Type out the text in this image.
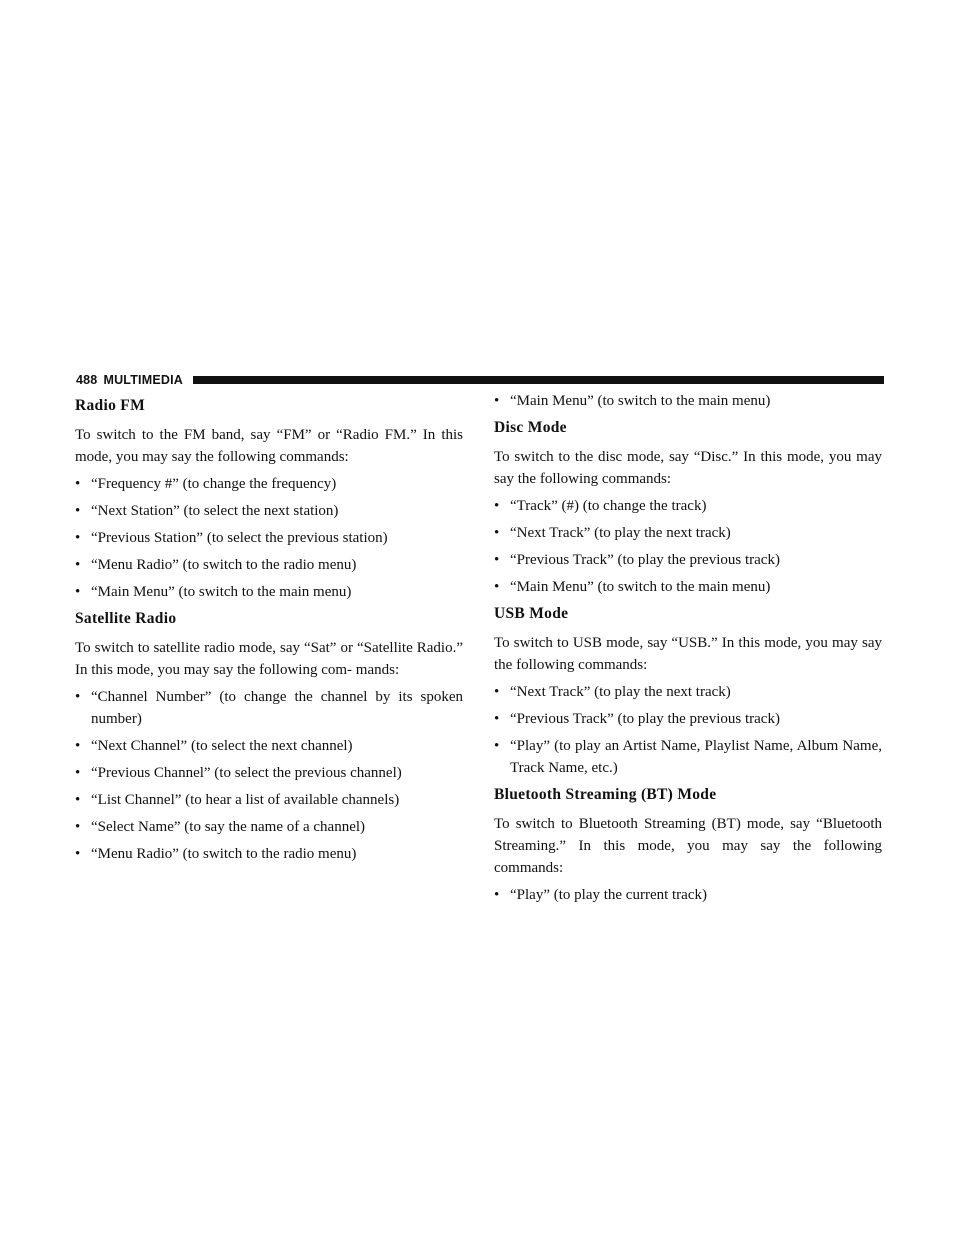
488 MULTIMEDIA
Radio FM

To switch to the FM band, say “FM” or “Radio FM.” In this mode, you may say the following commands:

• “Frequency #” (to change the frequency)
• “Next Station” (to select the next station)
• “Previous Station” (to select the previous station)
• “Menu Radio” (to switch to the radio menu)
• “Main Menu” (to switch to the main menu)
Satellite Radio

To switch to satellite radio mode, say “Sat” or “Satellite Radio.” In this mode, you may say the following com- mands:

• “Channel Number” (to change the channel by its spoken number)
• “Next Channel” (to select the next channel)
• “Previous Channel” (to select the previous channel)
• “List Channel” (to hear a list of available channels)
• “Select Name” (to say the name of a channel)
• “Menu Radio” (to switch to the radio menu)
• “Main Menu” (to switch to the main menu)
Disc Mode

To switch to the disc mode, say “Disc.” In this mode, you may say the following commands:

• “Track” (#) (to change the track)
• “Next Track” (to play the next track)
• “Previous Track” (to play the previous track)
• “Main Menu” (to switch to the main menu)
USB Mode

To switch to USB mode, say “USB.” In this mode, you may say the following commands:

• “Next Track” (to play the next track)
• “Previous Track” (to play the previous track)
• “Play” (to play an Artist Name, Playlist Name, Album Name, Track Name, etc.)
Bluetooth Streaming (BT) Mode

To switch to Bluetooth Streaming (BT) mode, say “Bluetooth Streaming.” In this mode, you may say the following commands:

• “Play” (to play the current track)
